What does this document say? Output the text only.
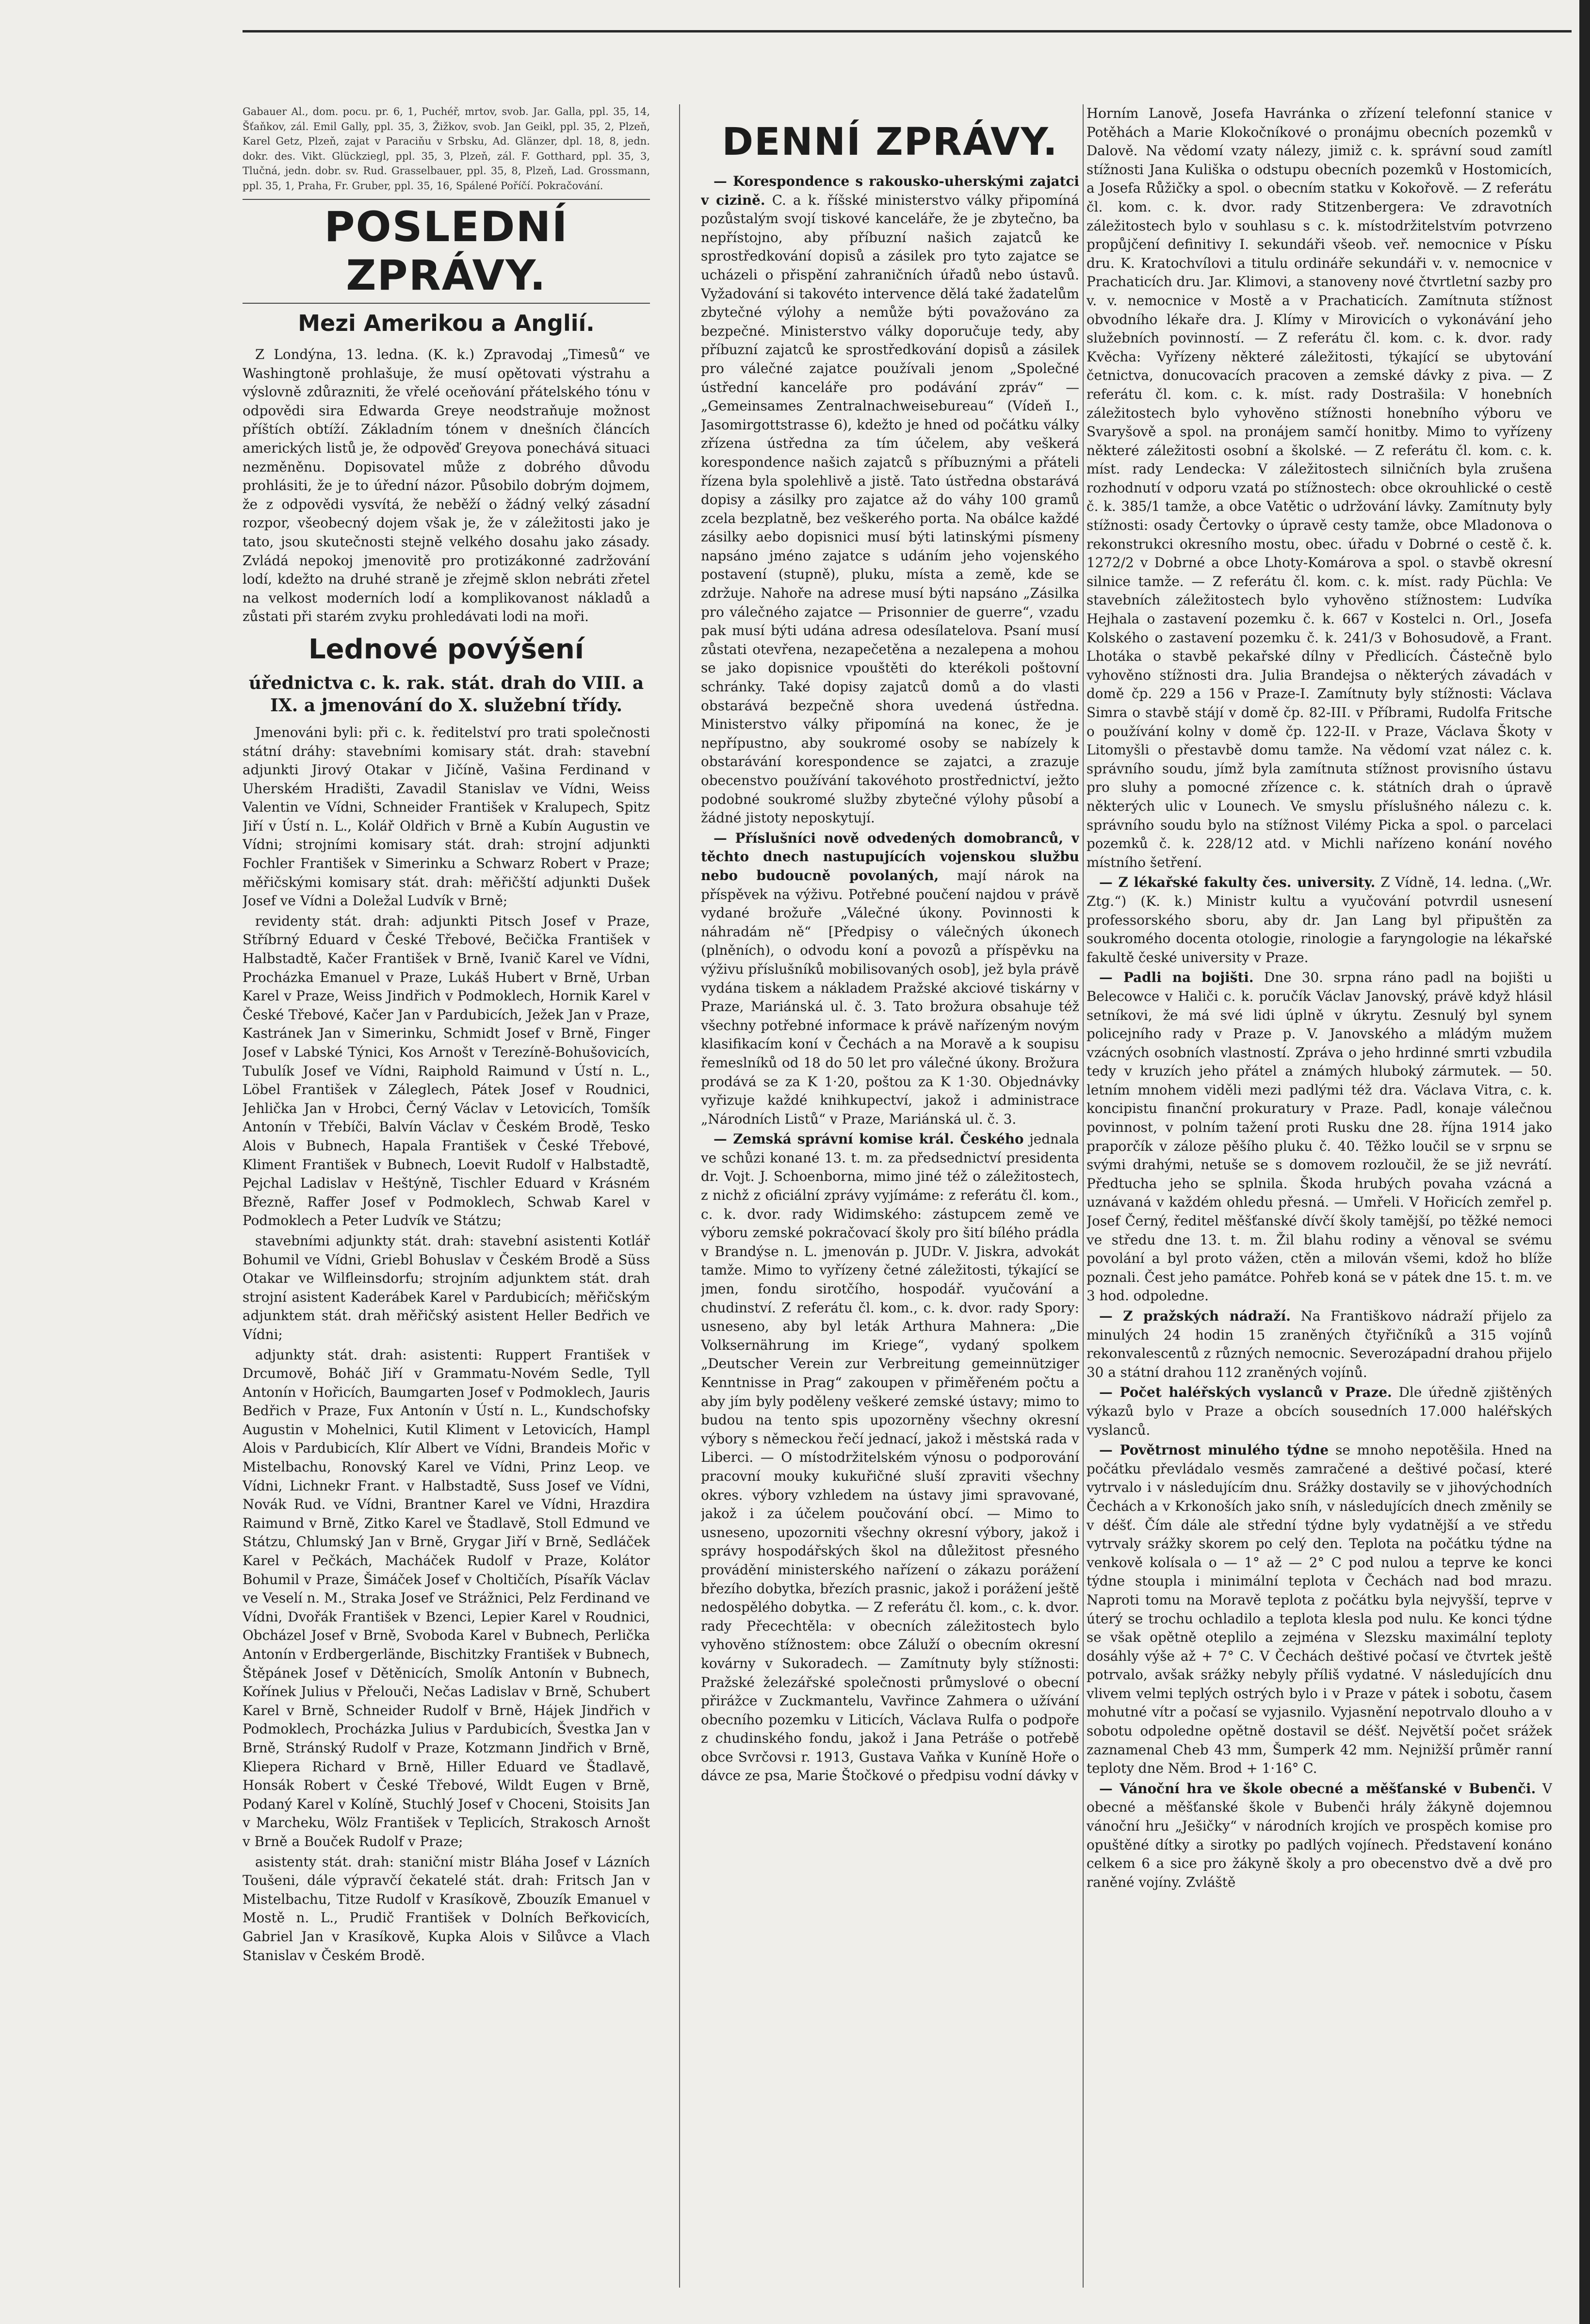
Gabauer Al., dom. pocu. pr. 6, 1, Puchéř, mrtov, svob. Jar. Galla, ppl. 35, 14, Šťaňkov, zál. Emil Gally, ppl. 35, 3, Žižkov, svob. Jan Geikl, ppl. 35, 2, Plzeň, Karel Getz, Plzeň, zajat v Paraciňu v Srbsku, Ad. Glänzer, dpl. 18, 8, jedn. dokr. des. Vikt. Glückziegl, ppl. 35, 3, Plzeň, zál. F. Gotthard, ppl. 35, 3, Tlučná, jedn. dobr. sv. Rud. Grasselbauer, ppl. 35, 8, Plzeň, Lad. Grossmann, ppl. 35, 1, Praha, Fr. Gruber, ppl. 35, 16, Spálené Poříčí. Pokračování.

POSLEDNÍ ZPRÁVY.
Mezi Amerikou a Anglií.

Z Londýna, 13. ledna. (K. k.) Zpravodaj „Timesů“ ve Washingtoně prohlašuje, že musí opětovati výstrahu a výslovně zdůrazniti, že vřelé oceňování přátelského tónu v odpovědi sira Edwarda Greye neodstraňuje možnost příštích obtíží. Základním tónem v dnešních článcích amerických listů je, že odpověď Greyova ponechává situaci nezměněnu. Dopisovatel může z dobrého důvodu prohlásiti, že je to úřední názor. Působilo dobrým dojmem, že z odpovědi vysvítá, že neběží o žádný velký zásadní rozpor, všeobecný dojem však je, že v záležitosti jako je tato, jsou skutečnosti stejně velkého dosahu jako zásady. Zvládá nepokoj jmenovitě pro protizákonné zadržování lodí, kdežto na druhé straně je zřejmě sklon nebráti zřetel na velkost moderních lodí a komplikovanost nákladů a zůstati při starém zvyku prohledávati lodi na moři.

Lednové povýšení
úřednictva c. k. rak. stát. drah do VIII. a IX. a jmenování do X. služební třídy.

Jmenováni byli: při c. k. ředitelství pro trati společnosti státní dráhy: stavebními komisary stát. drah: stavební adjunkti Jirový Otakar v Jičíně, Vašina Ferdinand v Uherském Hradišti, Zavadil Stanislav ve Vídni, Weiss Valentin ve Vídni, Schneider František v Kralupech, Spitz Jiří v Ústí n. L., Kolář Oldřich v Brně a Kubín Augustin ve Vídni; strojními komisary stát. drah: strojní adjunkti Fochler František v Simerinku a Schwarz Robert v Praze; měřičskými komisary stát. drah: měřičští adjunkti Dušek Josef ve Vídni a Doležal Ludvík v Brně;

revidenty stát. drah: adjunkti Pitsch Josef v Praze, Stříbrný Eduard v České Třebové, Bečička František v Halbstadtě, Kačer František v Brně, Ivanič Karel ve Vídni, Procházka Emanuel v Praze, Lukáš Hubert v Brně, Urban Karel v Praze, Weiss Jindřich v Podmoklech, Hornik Karel v České Třebové, Kačer Jan v Pardubicích, Ježek Jan v Praze, Kastránek Jan v Simerinku, Schmidt Josef v Brně, Finger Josef v Labské Týnici, Kos Arnošt v Terezíně-Bohušovicích, Tubulík Josef ve Vídni, Raiphold Raimund v Ústí n. L., Löbel František v Záleglech, Pátek Josef v Roudnici, Jehlička Jan v Hrobci, Černý Václav v Letovicích, Tomšík Antonín v Třebíči, Balvín Václav v Českém Brodě, Tesko Alois v Bubnech, Hapala František v České Třebové, Kliment František v Bubnech, Loevit Rudolf v Halbstadtě, Pejchal Ladislav v Heštýně, Tischler Eduard v Krásném Březně, Raffer Josef v Podmoklech, Schwab Karel v Podmoklech a Peter Ludvík ve Státzu;

stavebními adjunkty stát. drah: stavební asistenti Kotlář Bohumil ve Vídni, Griebl Bohuslav v Českém Brodě a Süss Otakar ve Wilfleinsdorfu; strojním adjunktem stát. drah strojní asistent Kaderábek Karel v Pardubicích; měřičským adjunktem stát. drah měřičský asistent Heller Bedřich ve Vídni;

adjunkty stát. drah: asistenti: Ruppert František v Drcumově, Boháč Jiří v Grammatu-Novém Sedle, Tyll Antonín v Hořicích, Baumgarten Josef v Podmoklech, Jauris Bedřich v Praze, Fux Antonín v Ústí n. L., Kundschofsky Augustin v Mohelnici, Kutil Kliment v Letovicích, Hampl Alois v Pardubicích, Klír Albert ve Vídni, Brandeis Mořic v Mistelbachu, Ronovský Karel ve Vídni, Prinz Leop. ve Vídni, Lichnekr Frant. v Halbstadtě, Suss Josef ve Vídni, Novák Rud. ve Vídni, Brantner Karel ve Vídni, Hrazdira Raimund v Brně, Zitko Karel ve Štadlavě, Stoll Edmund ve Státzu, Chlumský Jan v Brně, Grygar Jiří v Brně, Sedláček Karel v Pečkách, Macháček Rudolf v Praze, Kolátor Bohumil v Praze, Šimáček Josef v Choltičích, Písařík Václav ve Veselí n. M., Straka Josef ve Strážnici, Pelz Ferdinand ve Vídni, Dvořák František v Bzenci, Lepier Karel v Roudnici, Obcházel Josef v Brně, Svoboda Karel v Bubnech, Perlička Antonín v Erdbergerlände, Bischitzky František v Bubnech, Štěpánek Josef v Dětěnicích, Smolík Antonín v Bubnech, Kořínek Julius v Přelouči, Nečas Ladislav v Brně, Schubert Karel v Brně, Schneider Rudolf v Brně, Hájek Jindřich v Podmoklech, Procházka Julius v Pardubicích, Švestka Jan v Brně, Stránský Rudolf v Praze, Kotzmann Jindřich v Brně, Kliepera Richard v Brně, Hiller Eduard ve Štadlavě, Honsák Robert v České Třebové, Wildt Eugen v Brně, Podaný Karel v Kolíně, Stuchlý Josef v Choceni, Stoisits Jan v Marcheku, Wölz František v Teplicích, Strakosch Arnošt v Brně a Bouček Rudolf v Praze;

asistenty stát. drah: staniční mistr Bláha Josef v Lázních Toušeni, dále výpravčí čekatelé stát. drah: Fritsch Jan v Mistelbachu, Titze Rudolf v Krasíkově, Zbouzík Emanuel v Mostě n. L., Prudič František v Dolních Beřkovicích, Gabriel Jan v Krasíkově, Kupka Alois v Silůvce a Vlach Stanislav v Českém Brodě.

DENNÍ ZPRÁVY.

— Korespondence s rakousko-uherskými zajatci v cizině. C. a k. říšské ministerstvo války připomíná pozůstalým svojí tiskové kanceláře, že je zbytečno, ba nepřístojno, aby příbuzní našich zajatců ke sprostředkování dopisů a zásilek pro tyto zajatce se ucházeli o přispění zahraničních úřadů nebo ústavů. Vyžadování si takovéto intervence dělá také žadatelům zbytečné výlohy a nemůže býti považováno za bezpečné. Ministerstvo války doporučuje tedy, aby příbuzní zajatců ke sprostředkování dopisů a zásilek pro válečné zajatce používali jenom „Společné ústřední kanceláře pro podávání zpráv“ — „Gemeinsames Zentralnachweisebureau“ (Vídeň I., Jasomirgottstrasse 6), kdežto je hned od počátku války zřízena ústředna za tím účelem, aby veškerá korespondence našich zajatců s příbuznými a přáteli řízena byla spolehlivě a jistě. Tato ústředna obstarává dopisy a zásilky pro zajatce až do váhy 100 gramů zcela bezplatně, bez veškerého porta. Na obálce každé zásilky aebo dopisnici musí býti latinskými písmeny napsáno jméno zajatce s udáním jeho vojenského postavení (stupně), pluku, místa a země, kde se zdržuje. Nahoře na adrese musí býti napsáno „Zásilka pro válečného zajatce — Prisonnier de guerre“, vzadu pak musí býti udána adresa odesílatelova. Psaní musí zůstati otevřena, nezapečetěna a nezalepena a mohou se jako dopisnice vpouštěti do kterékoli poštovní schránky. Také dopisy zajatců domů a do vlasti obstarává bezpečně shora uvedená ústředna. Ministerstvo války připomíná na konec, že je nepřípustno, aby soukromé osoby se nabízely k obstarávání korespondence se zajatci, a zrazuje obecenstvo používání takovéhoto prostřednictví, ježto podobné soukromé služby zbytečné výlohy působí a žádné jistoty neposkytují.

— Příslušníci nově odvedených domobranců, v těchto dnech nastupujících vojenskou službu nebo budoucně povolaných, mají nárok na příspěvek na výživu. Potřebné poučení najdou v právě vydané brožuře „Válečné úkony. Povinnosti k náhradám ně“ [Předpisy o válečných úkonech (plněních), o odvodu koní a povozů a příspěvku na výživu příslušníků mobilisovaných osob], jež byla právě vydána tiskem a nákladem Pražské akciové tiskárny v Praze, Mariánská ul. č. 3. Tato brožura obsahuje též všechny potřebné informace k právě nařízeným novým klasifikacím koní v Čechách a na Moravě a k soupisu řemeslníků od 18 do 50 let pro válečné úkony. Brožura prodává se za K 1·20, poštou za K 1·30. Objednávky vyřizuje každé knihkupectví, jakož i administrace „Národních Listů“ v Praze, Mariánská ul. č. 3.

— Zemská správní komise král. Českého jednala ve schůzi konané 13. t. m. za předsednictví presidenta dr. Vojt. J. Schoenborna, mimo jiné též o záležitostech, z nichž z oficiální zprávy vyjímáme: z referátu čl. kom., c. k. dvor. rady Widimského: zástupcem země ve výboru zemské pokračovací školy pro šití bílého prádla v Brandýse n. L. jmenován p. JUDr. V. Jiskra, advokát tamže. Mimo to vyřízeny četné záležitosti, týkající se jmen, fondu sirotčího, hospodář. vyučování a chudinství. Z referátu čl. kom., c. k. dvor. rady Spory: usneseno, aby byl leták Arthura Mahnera: „Die Volksernährung im Kriege“, vydaný spolkem „Deutscher Verein zur Verbreitung gemeinnütziger Kenntnisse in Prag“ zakoupen v přiměřeném počtu a aby jím byly poděleny veškeré zemské ústavy; mimo to budou na tento spis upozorněny všechny okresní výbory s německou řečí jednací, jakož i městská rada v Liberci. — O místodržitelském výnosu o podporování pracovní mouky kukuřičné sluší zpraviti všechny okres. výbory vzhledem na ústavy jimi spravované, jakož i za účelem poučování obcí. — Mimo to usneseno, upozorniti všechny okresní výbory, jakož i správy hospodářských škol na důležitost přesného provádění ministerského nařízení o zákazu porážení březího dobytka, březích prasnic, jakož i porážení ještě nedospělého dobytka. — Z referátu čl. kom., c. k. dvor. rady Přecechtěla: v obecních záležitostech bylo vyhověno stížnostem: obce Záluží o obecním okresní kovárny v Sukoradech. — Zamítnuty byly stížnosti: Pražské železářské společnosti průmyslové o obecní přirážce v Zuckmantelu, Vavřince Zahmera o užívání obecního pozemku v Liticích, Václava Rulfa o podpoře z chudinského fondu, jakož i Jana Petráše o potřebě obce Svrčovsi r. 1913, Gustava Vaňka v Kuníně Hoře o dávce ze psa, Marie Štočkové o předpisu vodní dávky v

Horním Lanově, Josefa Havránka o zřízení telefonní stanice v Potěhách a Marie Klokočníkové o pronájmu obecních pozemků v Dalově. Na vědomí vzaty nálezy, jimiž c. k. správní soud zamítl stížnosti Jana Kuliška o odstupu obecních pozemků v Hostomicích, a Josefa Růžičky a spol. o obecním statku v Kokořově. — Z referátu čl. kom. c. k. dvor. rady Stitzenbergera: Ve zdravotních záležitostech bylo v souhlasu s c. k. místodržitelstvím potvrzeno propůjčení definitivy I. sekundáři všeob. veř. nemocnice v Písku dru. K. Kratochvílovi a titulu ordináře sekundáři v. v. nemocnice v Prachaticích dru. Jar. Klimovi, a stanoveny nové čtvrtletní sazby pro v. v. nemocnice v Mostě a v Prachaticích. Zamítnuta stížnost obvodního lékaře dra. J. Klímy v Mirovicích o vykonávání jeho služebních povinností. — Z referátu čl. kom. c. k. dvor. rady Kvěcha: Vyřízeny některé záležitosti, týkající se ubytování četnictva, donucovacích pracoven a zemské dávky z piva. — Z referátu čl. kom. c. k. míst. rady Dostrašila: V honebních záležitostech bylo vyhověno stížnosti honebního výboru ve Svaryšově a spol. na pronájem samčí honitby. Mimo to vyřízeny některé záležitosti osobní a školské. — Z referátu čl. kom. c. k. míst. rady Lendecka: V záležitostech silničních byla zrušena rozhodnutí v odporu vzatá po stížnostech: obce okrouhlické o cestě č. k. 385/1 tamže, a obce Vatětic o udržování lávky. Zamítnuty byly stížnosti: osady Čertovky o úpravě cesty tamže, obce Mladonova o rekonstrukci okresního mostu, obec. úřadu v Dobrné o cestě č. k. 1272/2 v Dobrné a obce Lhoty-Komárova a spol. o stavbě okresní silnice tamže. — Z referátu čl. kom. c. k. míst. rady Püchla: Ve stavebních záležitostech bylo vyhověno stížnostem: Ludvíka Hejhala o zastavení pozemku č. k. 667 v Kostelci n. Orl., Josefa Kolského o zastavení pozemku č. k. 241/3 v Bohosudově, a Frant. Lhotáka o stavbě pekařské dílny v Předlicích. Částečně bylo vyhověno stížnosti dra. Julia Brandejsa o některých závadách v domě čp. 229 a 156 v Praze-I. Zamítnuty byly stížnosti: Václava Simra o stavbě stájí v domě čp. 82-III. v Příbrami, Rudolfa Fritsche o používání kolny v domě čp. 122-II. v Praze, Václava Škoty v Litomyšli o přestavbě domu tamže. Na vědomí vzat nález c. k. správního soudu, jímž byla zamítnuta stížnost provisního ústavu pro sluhy a pomocné zřízence c. k. státních drah o úpravě některých ulic v Lounech. Ve smyslu příslušného nálezu c. k. správního soudu bylo na stížnost Vilémy Picka a spol. o parcelaci pozemků č. k. 228/12 atd. v Michli nařízeno konání nového místního šetření.

— Z lékařské fakulty čes. university. Z Vídně, 14. ledna. („Wr. Ztg.“) (K. k.) Ministr kultu a vyučování potvrdil usnesení professorského sboru, aby dr. Jan Lang byl připuštěn za soukromého docenta otologie, rinologie a faryngologie na lékařské fakultě české university v Praze.

— Padli na bojišti. Dne 30. srpna ráno padl na bojišti u Belecowce v Haliči c. k. poručík Václav Janovský, právě když hlásil setníkovi, že má své lidi úplně v úkrytu. Zesnulý byl synem policejního rady v Praze p. V. Janovského a mládým mužem vzácných osobních vlastností. Zpráva o jeho hrdinné smrti vzbudila tedy v kruzích jeho přátel a známých hluboký zármutek. — 50. letním mnohem viděli mezi padlými též dra. Václava Vitra, c. k. koncipistu finanční prokuratury v Praze. Padl, konaje válečnou povinnost, v polním tažení proti Rusku dne 28. října 1914 jako praporčík v záloze pěšího pluku č. 40. Těžko loučil se v srpnu se svými drahými, netuše se s domovem rozloučil, že se již nevrátí. Předtucha jeho se splnila. Škoda hrubých povaha vzácná a uznávaná v každém ohledu přesná. — Umřeli. V Hořicích zemřel p. Josef Černý, ředitel měšťanské dívčí školy tamější, po těžké nemoci ve středu dne 13. t. m. Žil blahu rodiny a věnoval se svému povolání a byl proto vážen, ctěn a milován všemi, kdož ho blíže poznali. Čest jeho památce. Pohřeb koná se v pátek dne 15. t. m. ve 3 hod. odpoledne.

— Z pražských nádraží. Na Františkovo nádraží přijelo za minulých 24 hodin 15 zraněných čtyřičníků a 315 vojínů rekonvalescentů z různých nemocnic. Severozápadní drahou přijelo 30 a státní drahou 112 zraněných vojínů.

— Počet haléřských vyslanců v Praze. Dle úředně zjištěných výkazů bylo v Praze a obcích sousedních 17.000 haléřských vyslanců.

— Povětrnost minulého týdne se mnoho nepotěšila. Hned na počátku převládalo vesměs zamračené a deštivé počasí, které vytrvalo i v následujícím dnu. Srážky dostavily se v jihovýchodních Čechách a v Krkonoších jako sníh, v následujících dnech změnily se v déšť. Čím dále ale střední týdne byly vydatnější a ve středu vytrvaly srážky skorem po celý den. Teplota na počátku týdne na venkově kolísala o — 1° až — 2° C pod nulou a teprve ke konci týdne stoupla i minimální teplota v Čechách nad bod mrazu. Naproti tomu na Moravě teplota z počátku byla nejvyšší, teprve v úterý se trochu ochladilo a teplota klesla pod nulu. Ke konci týdne se však opětně oteplilo a zejména v Slezsku maximální teploty dosáhly výše až + 7° C. V Čechách deštivé počasí ve čtvrtek ještě potrvalo, avšak srážky nebyly příliš vydatné. V následujících dnu vlivem velmi teplých ostrých bylo i v Praze v pátek i sobotu, časem mohutné vítr a počasí se vyjasnilo. Vyjasnění nepotrvalo dlouho a v sobotu odpoledne opětně dostavil se déšť. Největší počet srážek zaznamenal Cheb 43 mm, Šumperk 42 mm. Nejnižší průměr ranní teploty dne Něm. Brod + 1·16° C.

— Vánoční hra ve škole obecné a měšťanské v Bubenči. V obecné a měšťanské škole v Bubenči hrály žákyně dojemnou vánoční hru „Ješičky“ v národních krojích ve prospěch komise pro opuštěné dítky a sirotky po padlých vojínech. Představení konáno celkem 6 a sice pro žákyně školy a pro obecenstvo dvě a dvě pro raněné vojíny. Zvláště
